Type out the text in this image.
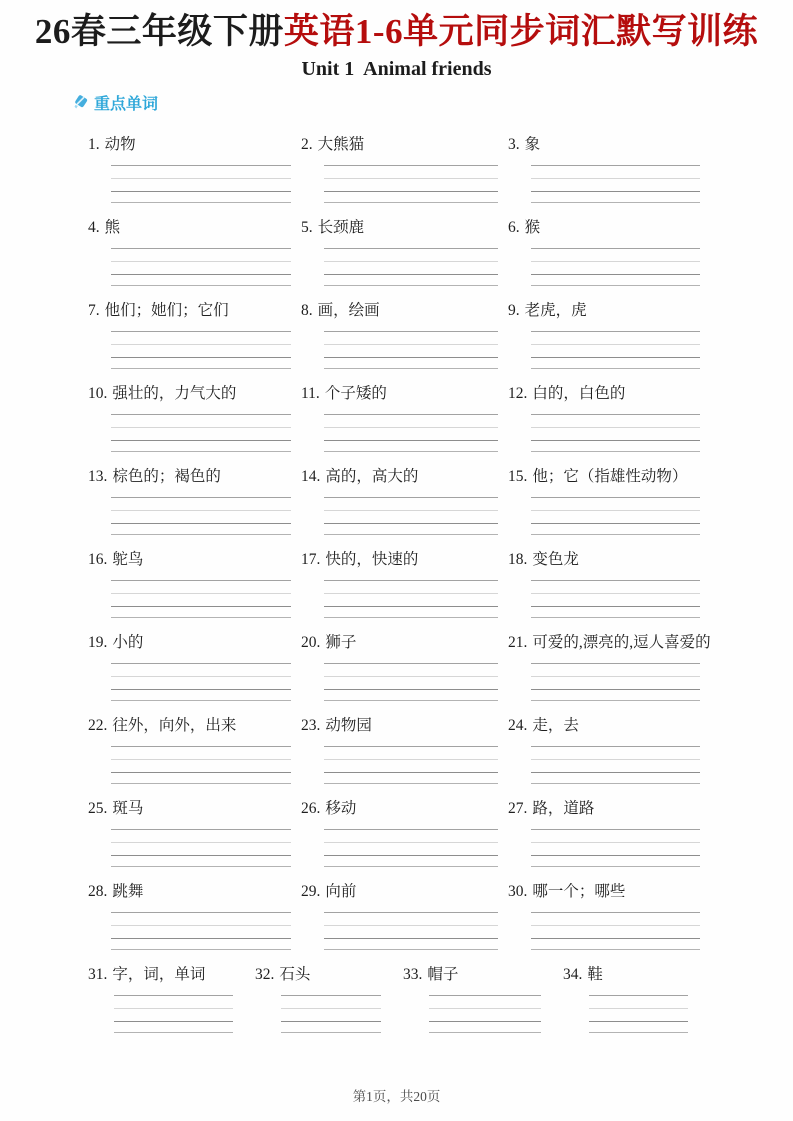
26春三年级下册英语1-6单元同步词汇默写训练
Unit 1  Animal friends
重点单词
1. 动物	2. 大熊猫	3. 象
4. 熊	5. 长颈鹿	6. 猴
7. 他们；她们；它们	8. 画，绘画	9. 老虎，虎
10. 强壮的，力气大的	11. 个子矮的	12. 白的，白色的
13. 棕色的；褐色的	14. 高的，高大的	15. 他；它（指雄性动物）
16. 鸵鸟	17. 快的，快速的	18. 变色龙
19. 小的	20. 狮子	21. 可爱的,漂亮的,逗人喜爱的
22. 往外，向外，出来	23. 动物园	24. 走，去
25. 斑马	26. 移动	27. 路，道路
28. 跳舞	29. 向前	30. 哪一个；哪些
31. 字，词，单词	32. 石头	33. 帽子	34. 鞋
第1页，共20页
